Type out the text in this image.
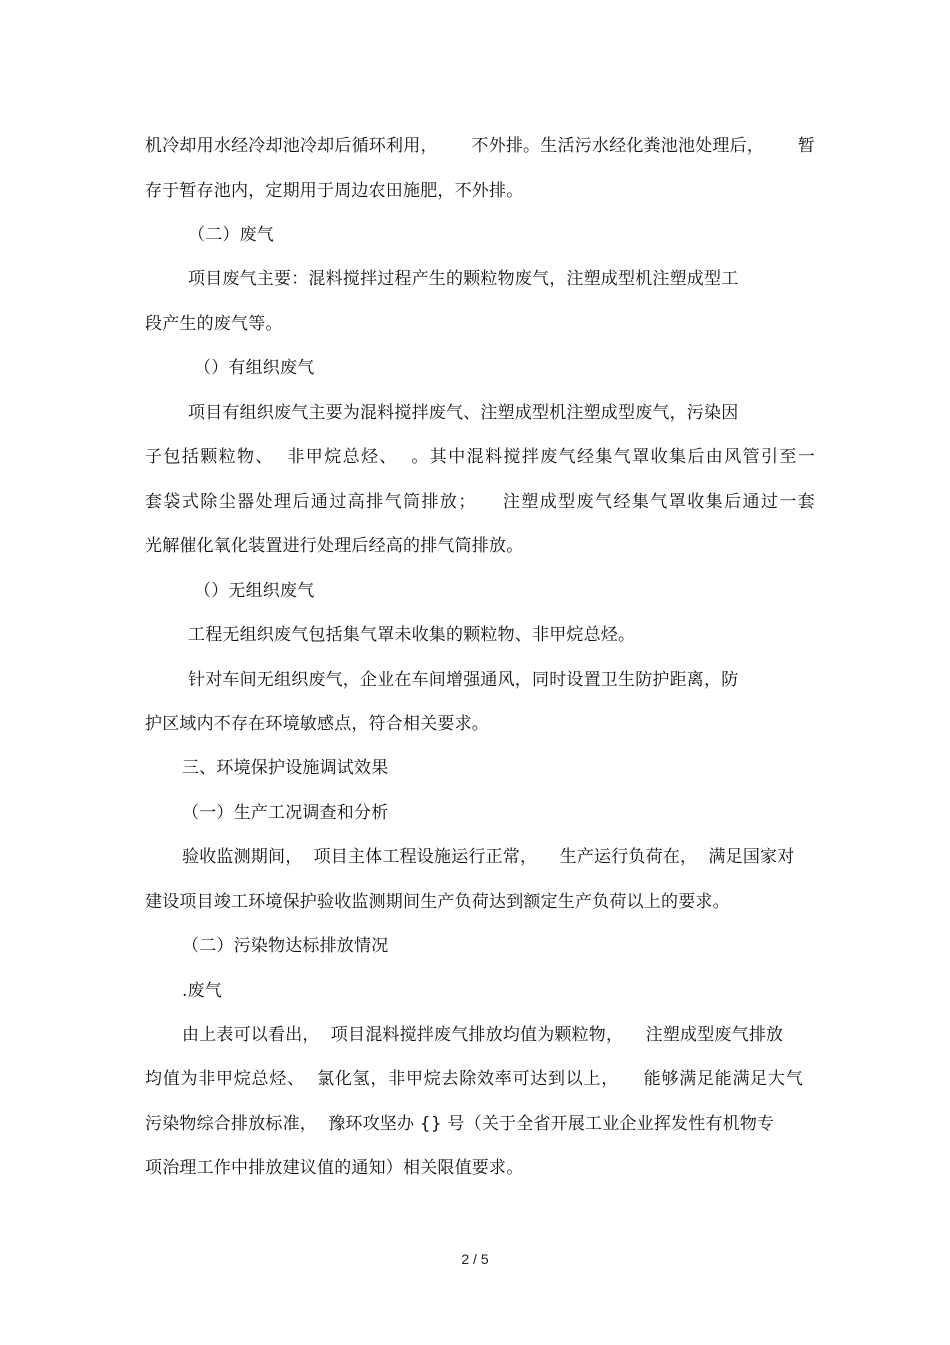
机冷却用水经冷却池冷却后循环利用，      不外排。生活污水经化粪池池处理后，      暂
存于暂存池内，定期用于周边农田施肥，不外排。
（二）废气
项目废气主要：混料搅拌过程产生的颗粒物废气，注塑成型机注塑成型工
段产生的废气等。
（）有组织废气
项目有组织废气主要为混料搅拌废气、注塑成型机注塑成型废气，污染因
子包括颗粒物、  非甲烷总烃、  。其中混料搅拌废气经集气罩收集后由风管引至一
套袋式除尘器处理后通过高排气筒排放；    注塑成型废气经集气罩收集后通过一套
光解催化氧化装置进行处理后经高的排气筒排放。
（）无组织废气
工程无组织废气包括集气罩未收集的颗粒物、非甲烷总烃。
针对车间无组织废气，企业在车间增强通风，同时设置卫生防护距离，防
护区域内不存在环境敏感点，符合相关要求。
三、环境保护设施调试效果
（一）生产工况调查和分析
验收监测期间，  项目主体工程设施运行正常，    生产运行负荷在，  满足国家对
建设项目竣工环境保护验收监测期间生产负荷达到额定生产负荷以上的要求。
（二）污染物达标排放情况
.废气
由上表可以看出，  项目混料搅拌废气排放均值为颗粒物，    注塑成型废气排放
均值为非甲烷总烃、  氯化氢，非甲烷去除效率可达到以上，    能够满足能满足大气
污染物综合排放标准，  豫环攻坚办 {} 号（关于全省开展工业企业挥发性有机物专
项治理工作中排放建议值的通知）相关限值要求。
2 / 5
